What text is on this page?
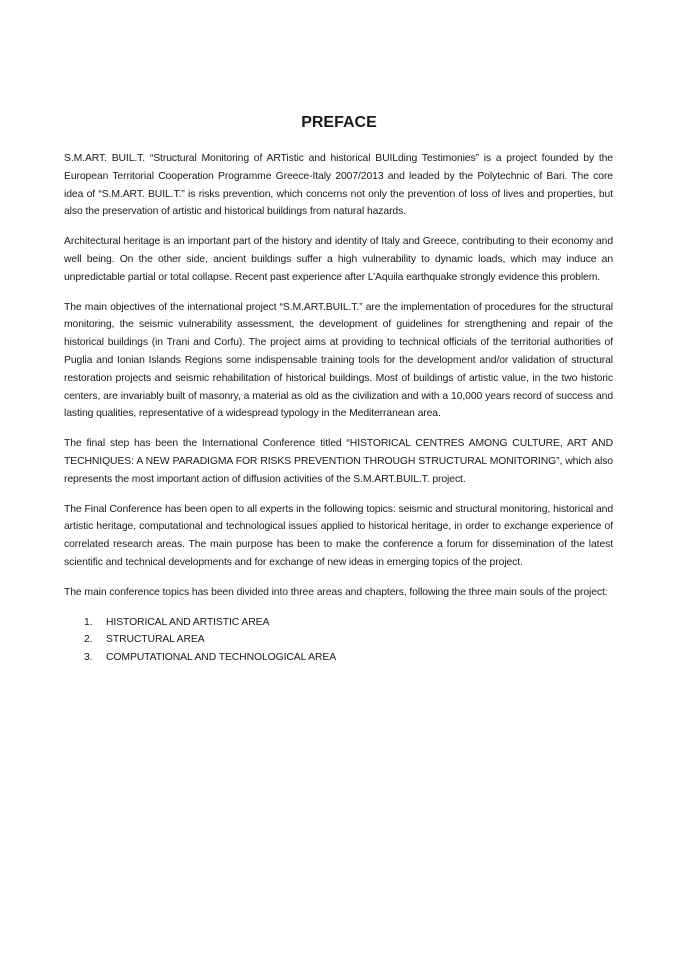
PREFACE

S.M.ART. BUIL.T. “Structural Monitoring of ARTistic and historical BUILding Testimonies” is a project founded by the European Territorial Cooperation Programme Greece-Italy 2007/2013 and leaded by the Polytechnic of Bari. The core idea of “S.M.ART. BUIL.T.” is risks prevention, which concerns not only the prevention of loss of lives and properties, but also the preservation of artistic and historical buildings from natural hazards.

Architectural heritage is an important part of the history and identity of Italy and Greece, contributing to their economy and well being. On the other side, ancient buildings suffer a high vulnerability to dynamic loads, which may induce an unpredictable partial or total collapse. Recent past experience after L’Aquila earthquake strongly evidence this problem.

The main objectives of the international project “S.M.ART.BUIL.T.” are the implementation of procedures for the structural monitoring, the seismic vulnerability assessment, the development of guidelines for strengthening and repair of the historical buildings (in Trani and Corfu). The project aims at providing to technical officials of the territorial authorities of Puglia and Ionian Islands Regions some indispensable training tools for the development and/or validation of structural restoration projects and seismic rehabilitation of historical buildings. Most of buildings of artistic value, in the two historic centers, are invariably built of masonry, a material as old as the civilization and with a 10,000 years record of success and lasting qualities, representative of a widespread typology in the Mediterranean area.

The final step has been the International Conference titled “HISTORICAL CENTRES AMONG CULTURE, ART AND TECHNIQUES: A NEW PARADIGMA FOR RISKS PREVENTION THROUGH STRUCTURAL MONITORING”, which also represents the most important action of diffusion activities of the S.M.ART.BUIL.T. project.

The Final Conference has been open to all experts in the following topics: seismic and structural monitoring, historical and artistic heritage, computational and technological issues applied to historical heritage, in order to exchange experience of correlated research areas. The main purpose has been to make the conference a forum for dissemination of the latest scientific and technical developments and for exchange of new ideas in emerging topics of the project.

The main conference topics has been divided into three areas and chapters, following the three main souls of the project:

1.	HISTORICAL AND ARTISTIC AREA
2.	STRUCTURAL AREA
3.	COMPUTATIONAL AND TECHNOLOGICAL AREA
